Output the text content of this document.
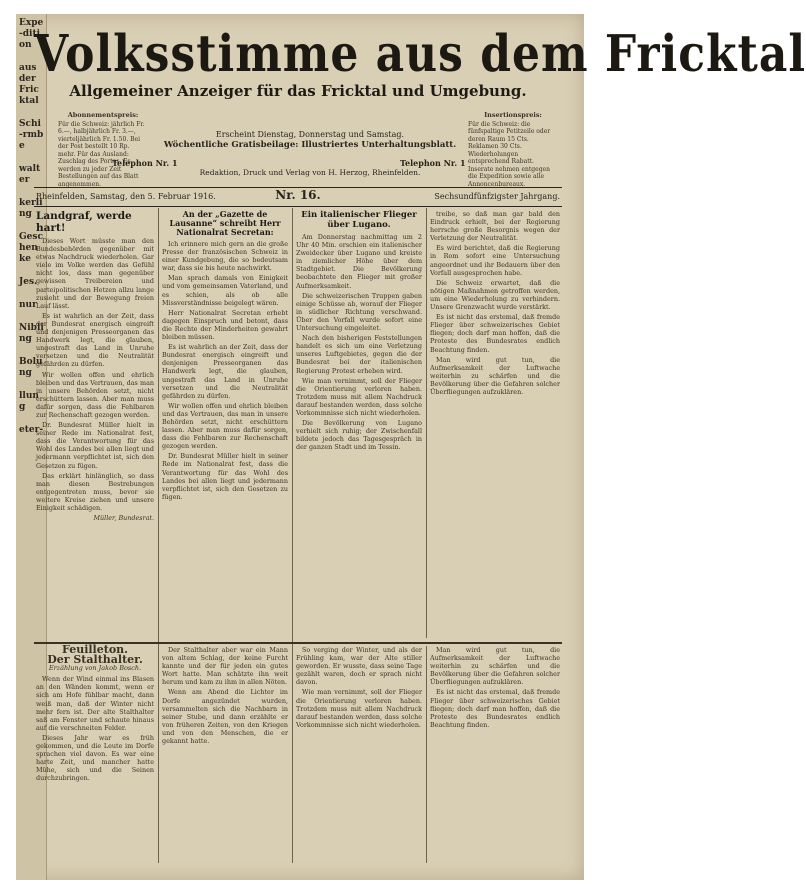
Expe-dition
aus der Fricktal
Schi-rmbe
walter
kerling
Geschenke
Jes.
nur
Nibling
Bolung
llung
eter-
Volksstimme aus dem Fricktal
Allgemeiner Anzeiger für das Fricktal und Umgebung.
Abonnementspreis:
Für die Schweiz: jährlich Fr. 6.—, halbjährlich Fr. 3.—, vierteljährlich Fr. 1.50. Bei der Post bestellt 10 Rp. mehr. Für das Ausland: Zuschlag des Portos. Es werden zu jeder Zeit Bestellungen auf das Blatt angenommen.
Insertionspreis:
Für die Schweiz: die fünfspaltige Petitzeile oder deren Raum 15 Cts. Reklamen 30 Cts. Wiederholungen entsprechend Rabatt. Inserate nehmen entgegen die Expedition sowie alle Annoncenbureaux.
Erscheint Dienstag, Donnerstag und Samstag.
Wöchentliche Gratisbeilage: Illustriertes Unterhaltungsblatt.
Telephon Nr. 1	Telephon Nr. 1
Redaktion, Druck und Verlag von H. Herzog, Rheinfelden.
Rheinfelden, Samstag, den 5. Februar 1916.	Nr. 16.	Sechsundfünfzigster Jahrgang.
Landgraf, werde hart!

Dieses Wort müsste man den Bundesbehörden gegenüber mit etwas Nachdruck wiederholen. Gar viele im Volke werden das Gefühl nicht los, dass man gegenüber gewissen Treibereien und parteipolitischen Hetzen allzu lange zusieht und der Bewegung freien Lauf lässt.

Es ist wahrlich an der Zeit, dass der Bundesrat energisch eingreift und denjenigen Presseorganen das Handwerk legt, die glauben, ungestraft das Land in Unruhe versetzen und die Neutralität gefährden zu dürfen.

Wir wollen offen und ehrlich bleiben und das Vertrauen, das man in unsere Behörden setzt, nicht erschüttern lassen. Aber man muss dafür sorgen, dass die Fehlbaren zur Rechenschaft gezogen werden.

Dr. Bundesrat Müller hielt in seiner Rede im Nationalrat fest, dass die Verantwortung für das Wohl des Landes bei allen liegt und jedermann verpflichtet ist, sich den Gesetzen zu fügen.

Das erklärt hinlänglich, so dass man diesen Bestrebungen entgegentreten muss, bevor sie weitere Kreise ziehen und unsere Einigkeit schädigen.

Müller, Bundesrat.

An der „Gazette de Lausanne“ schreibt Herr Nationalrat Secretan:

Ich erinnere mich gern an die große Presse der französischen Schweiz in einer Kundgebung, die so bedeutsam war, dass sie bis heute nachwirkt.

Man sprach damals von Einigkeit und vom gemeinsamen Vaterland, und es schien, als ob alle Missverständnisse beigelegt wären.

Herr Nationalrat Secretan erhebt dagegen Einspruch und betont, dass die Rechte der Minderheiten gewahrt bleiben müssen.

Es ist wahrlich an der Zeit, dass der Bundesrat energisch eingreift und denjenigen Presseorganen das Handwerk legt, die glauben, ungestraft das Land in Unruhe versetzen und die Neutralität gefährden zu dürfen.

Wir wollen offen und ehrlich bleiben und das Vertrauen, das man in unsere Behörden setzt, nicht erschüttern lassen. Aber man muss dafür sorgen, dass die Fehlbaren zur Rechenschaft gezogen werden.

Dr. Bundesrat Müller hielt in seiner Rede im Nationalrat fest, dass die Verantwortung für das Wohl des Landes bei allen liegt und jedermann verpflichtet ist, sich den Gesetzen zu fügen.

Ein italienischer Flieger über Lugano.

Am Donnerstag nachmittag um 2 Uhr 40 Min. erschien ein italienischer Zweidecker über Lugano und kreiste in ziemlicher Höhe über dem Stadtgebiet. Die Bevölkerung beobachtete den Flieger mit großer Aufmerksamkeit.

Die schweizerischen Truppen gaben einige Schüsse ab, worauf der Flieger in südlicher Richtung verschwand. Über den Vorfall wurde sofort eine Untersuchung eingeleitet.

Nach den bisherigen Feststellungen handelt es sich um eine Verletzung unseres Luftgebietes, gegen die der Bundesrat bei der italienischen Regierung Protest erheben wird.

Wie man vernimmt, soll der Flieger die Orientierung verloren haben. Trotzdem muss mit allem Nachdruck darauf bestanden werden, dass solche Vorkommnisse sich nicht wiederholen.

Die Bevölkerung von Lugano verhielt sich ruhig; der Zwischenfall bildete jedoch das Tagesgespräch in der ganzen Stadt und im Tessin.

treibe, so daß man gar bald den Eindruck erhielt, bei der Regierung herrsche große Besorgnis wegen der Verletzung der Neutralität.

Es wird berichtet, daß die Regierung in Rom sofort eine Untersuchung angeordnet und ihr Bedauern über den Vorfall ausgesprochen habe.

Die Schweiz erwartet, daß die nötigen Maßnahmen getroffen werden, um eine Wiederholung zu verhindern. Unsere Grenzwacht wurde verstärkt.

Es ist nicht das erstemal, daß fremde Flieger über schweizerisches Gebiet fliegen; doch darf man hoffen, daß die Proteste des Bundesrates endlich Beachtung finden.

Man wird gut tun, die Aufmerksamkeit der Luftwache weiterhin zu schärfen und die Bevölkerung über die Gefahren solcher Überfliegungen aufzuklären.

Feuilleton.
Der Stalthalter.
Erzählung von Jakob Bosch.

Wenn der Wind einmal ins Blasen an den Wänden kommt, wenn er sich am Hofe fühlbar macht, dann weiß man, daß der Winter nicht mehr fern ist. Der alte Stalthalter saß am Fenster und schaute hinaus auf die verschneiten Felder.

Dieses Jahr war es früh gekommen, und die Leute im Dorfe sprachen viel davon. Es war eine harte Zeit, und mancher hatte Mühe, sich und die Seinen durchzubringen.

Der Stalthalter aber war ein Mann von altem Schlag, der keine Furcht kannte und der für jeden ein gutes Wort hatte. Man schätzte ihn weit herum und kam zu ihm in allen Nöten.

Wenn am Abend die Lichter im Dorfe angezündet wurden, versammelten sich die Nachbarn in seiner Stube, und dann erzählte er von früheren Zeiten, von den Kriegen und von den Menschen, die er gekannt hatte.

So verging der Winter, und als der Frühling kam, war der Alte stiller geworden. Er wusste, dass seine Tage gezählt waren, doch er sprach nicht davon.

Wie man vernimmt, soll der Flieger die Orientierung verloren haben. Trotzdem muss mit allem Nachdruck darauf bestanden werden, dass solche Vorkommnisse sich nicht wiederholen.

Man wird gut tun, die Aufmerksamkeit der Luftwache weiterhin zu schärfen und die Bevölkerung über die Gefahren solcher Überfliegungen aufzuklären.

Es ist nicht das erstemal, daß fremde Flieger über schweizerisches Gebiet fliegen; doch darf man hoffen, daß die Proteste des Bundesrates endlich Beachtung finden.
